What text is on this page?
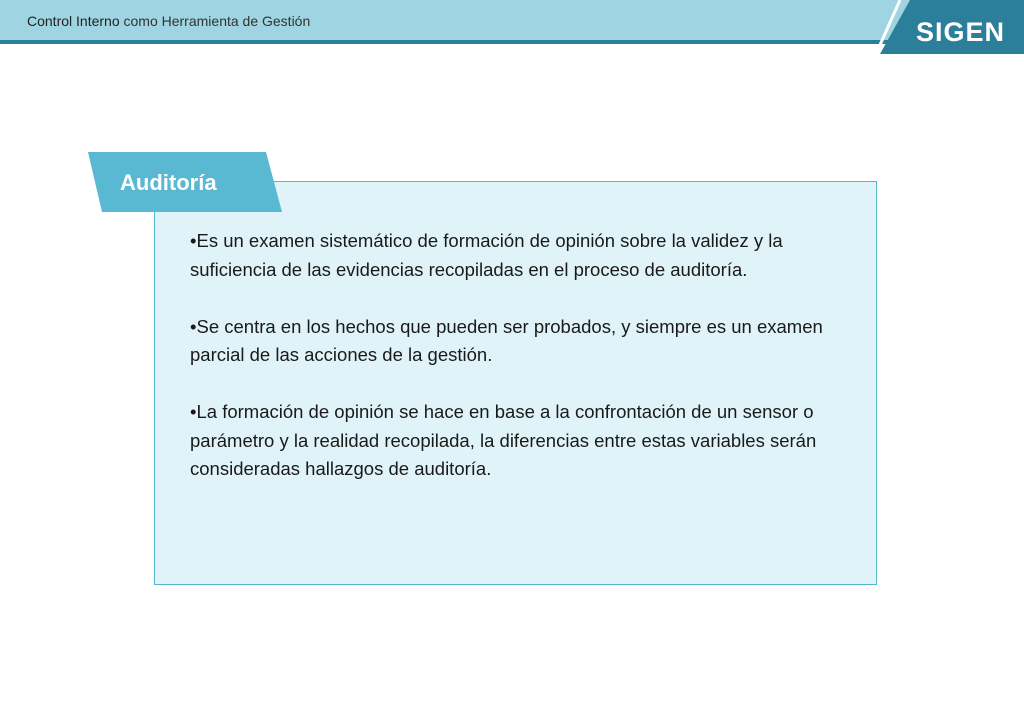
Control Interno como Herramienta de Gestión	SIGEN
Auditoría

•Es un examen sistemático de formación de opinión sobre la validez y la suficiencia de las evidencias recopiladas en el proceso de auditoría.

•Se centra en los hechos que pueden ser probados, y siempre es un examen parcial de las acciones de la gestión.

•La formación de opinión se hace en base a la confrontación de un sensor o parámetro y la realidad recopilada, la diferencias entre estas variables serán consideradas hallazgos de auditoría.
